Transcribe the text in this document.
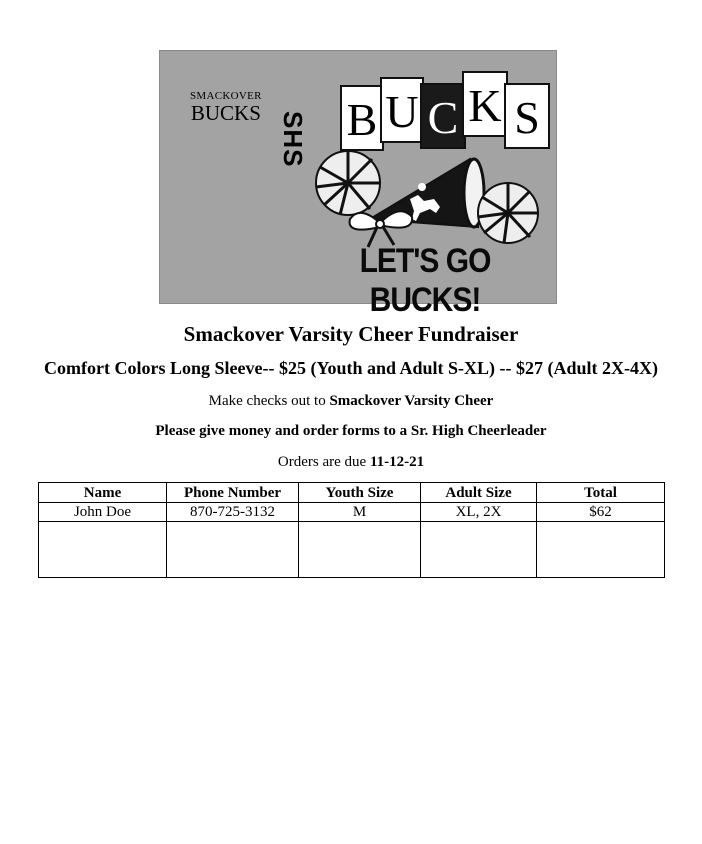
SMACKOVER
BUCKS SHS B U C K S
LET'S GO BUCKS!

Smackover Varsity Cheer Fundraiser

Comfort Colors Long Sleeve-- $25 (Youth and Adult S-XL) -- $27 (Adult 2X-4X)

Make checks out to Smackover Varsity Cheer

Please give money and order forms to a Sr. High Cheerleader

Orders are due 11-12-21

Name	Phone Number	Youth Size	Adult Size	Total
John Doe	870-725-3132	M	XL, 2X	$62
